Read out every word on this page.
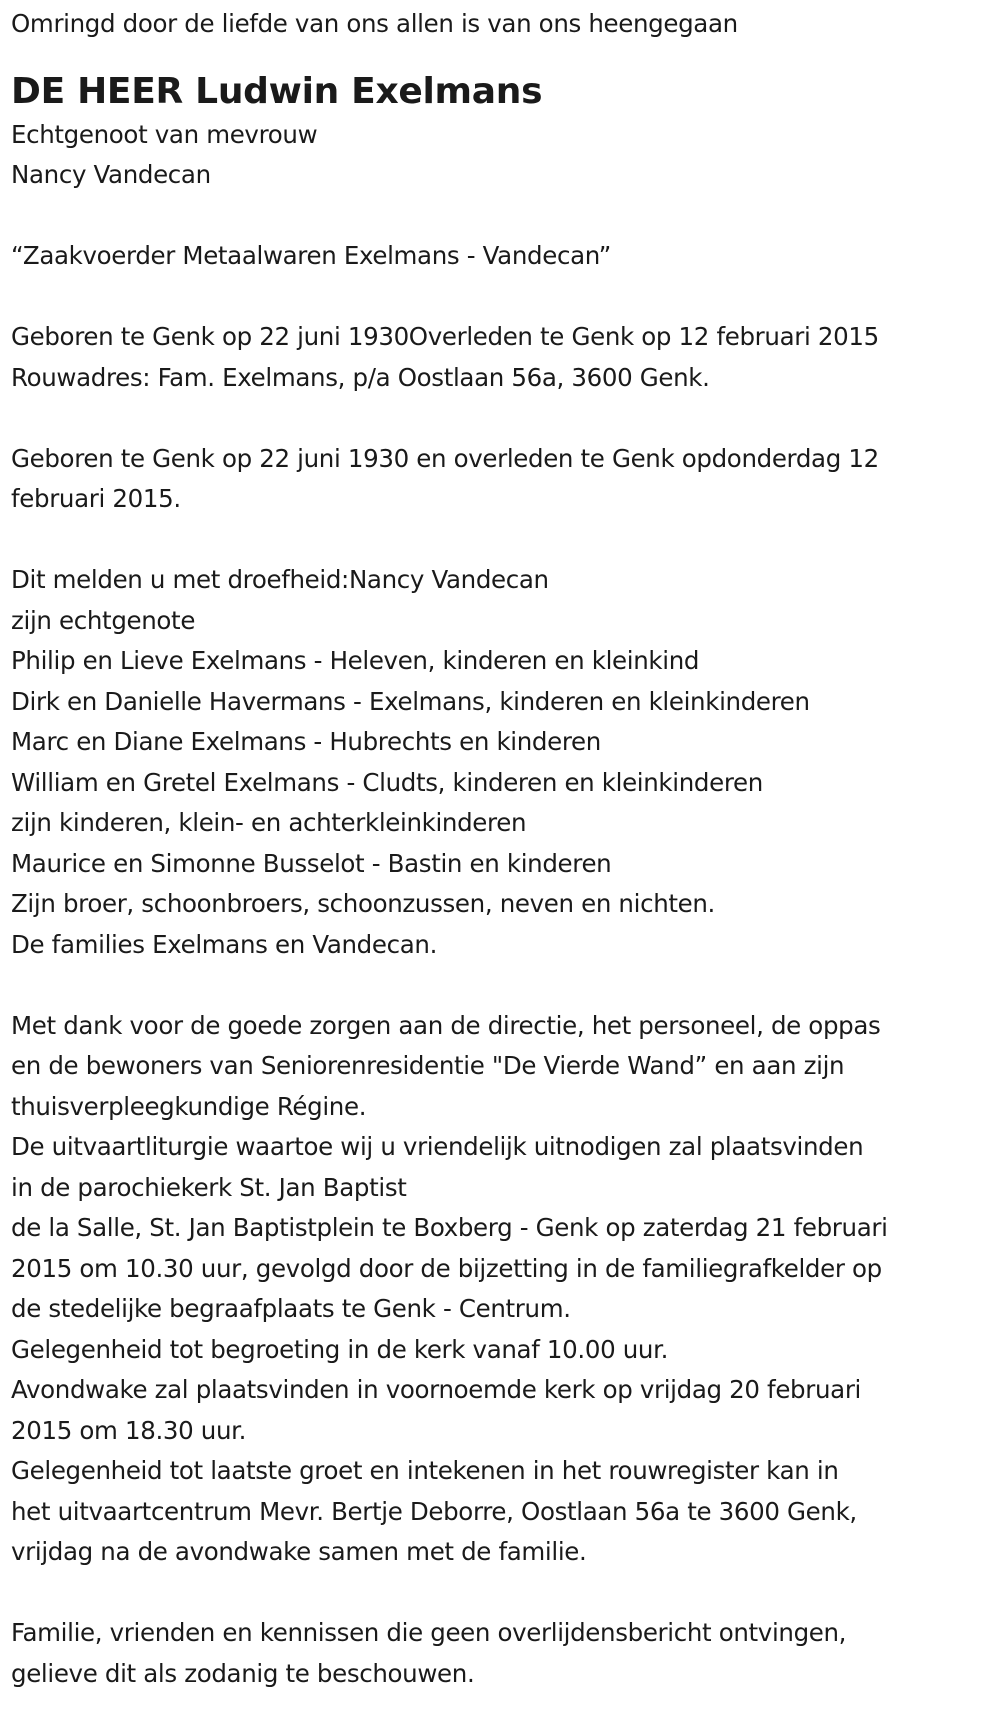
Omringd door de liefde van ons allen is van ons heengegaan
DE HEER Ludwin Exelmans
Echtgenoot van mevrouw
Nancy Vandecan
“Zaakvoerder Metaalwaren Exelmans - Vandecan”
Geboren te Genk op 22 juni 1930Overleden te Genk op 12 februari 2015
Rouwadres: Fam. Exelmans, p/a Oostlaan 56a, 3600 Genk.
Geboren te Genk op 22 juni 1930 en overleden te Genk opdonderdag 12
februari 2015.
Dit melden u met droefheid:Nancy Vandecan
zijn echtgenote
Philip en Lieve Exelmans - Heleven, kinderen en kleinkind
Dirk en Danielle Havermans - Exelmans, kinderen en kleinkinderen
Marc en Diane Exelmans - Hubrechts en kinderen
William en Gretel Exelmans - Cludts, kinderen en kleinkinderen
zijn kinderen, klein- en achterkleinkinderen
Maurice en Simonne Busselot - Bastin en kinderen
Zijn broer, schoonbroers, schoonzussen, neven en nichten.
De families Exelmans en Vandecan.
Met dank voor de goede zorgen aan de directie, het personeel, de oppas
en de bewoners van Seniorenresidentie "De Vierde Wand” en aan zijn
thuisverpleegkundige Régine.
De uitvaartliturgie waartoe wij u vriendelijk uitnodigen zal plaatsvinden
in de parochiekerk St. Jan Baptist
de la Salle, St. Jan Baptistplein te Boxberg - Genk op zaterdag 21 februari
2015 om 10.30 uur, gevolgd door de bijzetting in de familiegrafkelder op
de stedelijke begraafplaats te Genk - Centrum.
Gelegenheid tot begroeting in de kerk vanaf 10.00 uur.
Avondwake zal plaatsvinden in voornoemde kerk op vrijdag 20 februari
2015 om 18.30 uur.
Gelegenheid tot laatste groet en intekenen in het rouwregister kan in
het uitvaartcentrum Mevr. Bertje Deborre, Oostlaan 56a te 3600 Genk,
vrijdag na de avondwake samen met de familie.
Familie, vrienden en kennissen die geen overlijdensbericht ontvingen,
gelieve dit als zodanig te beschouwen.
